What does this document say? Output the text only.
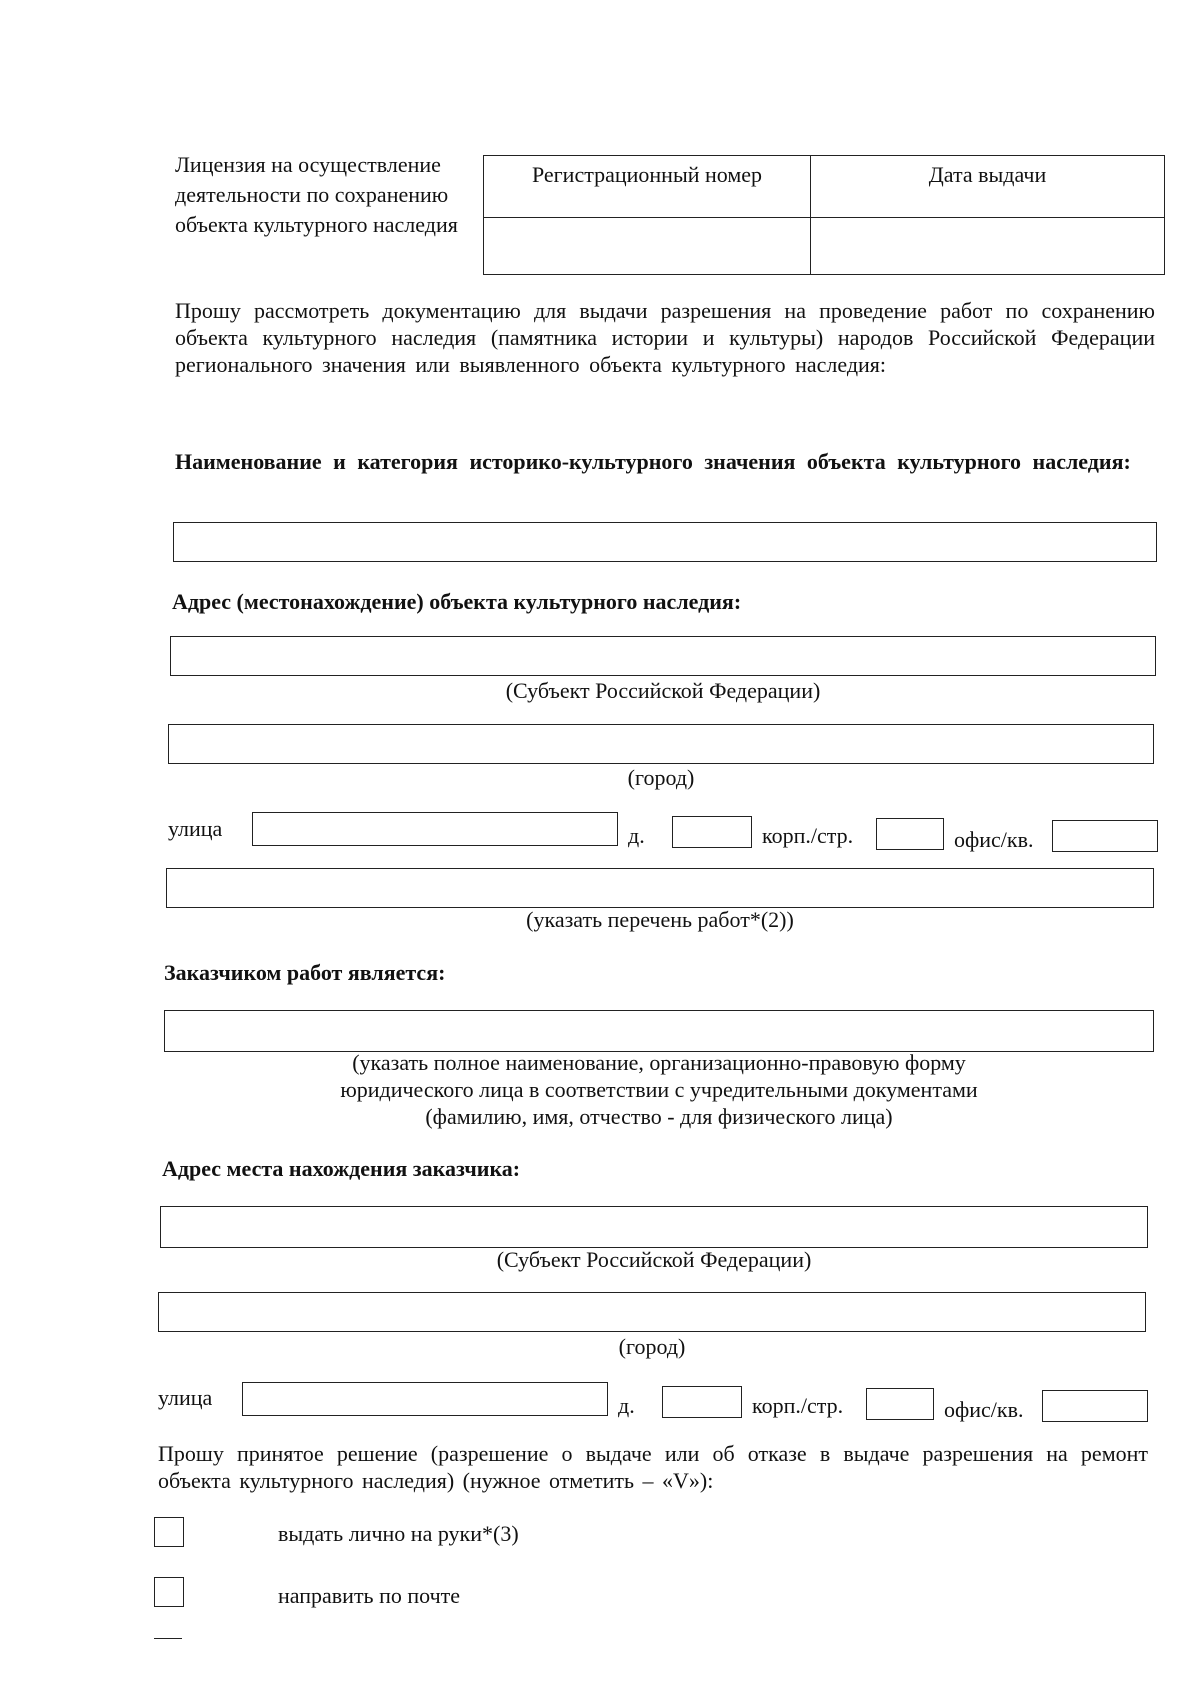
Лицензия на осуществление деятельности по сохранению объекта культурного наследия
Регистрационный номер	Дата выдачи

Прошу рассмотреть документацию для выдачи разрешения на проведение работ по сохранению объекта культурного наследия (памятника истории и культуры) народов Российской Федерации регионального значения или выявленного объекта культурного наследия:
Наименование и категория историко-культурного значения объекта культурного наследия:
Адрес (местонахождение) объекта культурного наследия:
(Субъект Российской Федерации)
(город)
улица	д.	корп./стр.	офис/кв.
(указать перечень работ*(2))
Заказчиком работ является:
(указать полное наименование, организационно-правовую форму
юридического лица в соответствии с учредительными документами
(фамилию, имя, отчество - для физического лица)
Адрес места нахождения заказчика:
(Субъект Российской Федерации)
(город)
улица	д.	корп./стр.	офис/кв.
Прошу принятое решение (разрешение о выдаче или об отказе в выдаче разрешения на ремонт объекта культурного наследия) (нужное отметить – «V»):
выдать лично на руки*(3)
направить по почте
